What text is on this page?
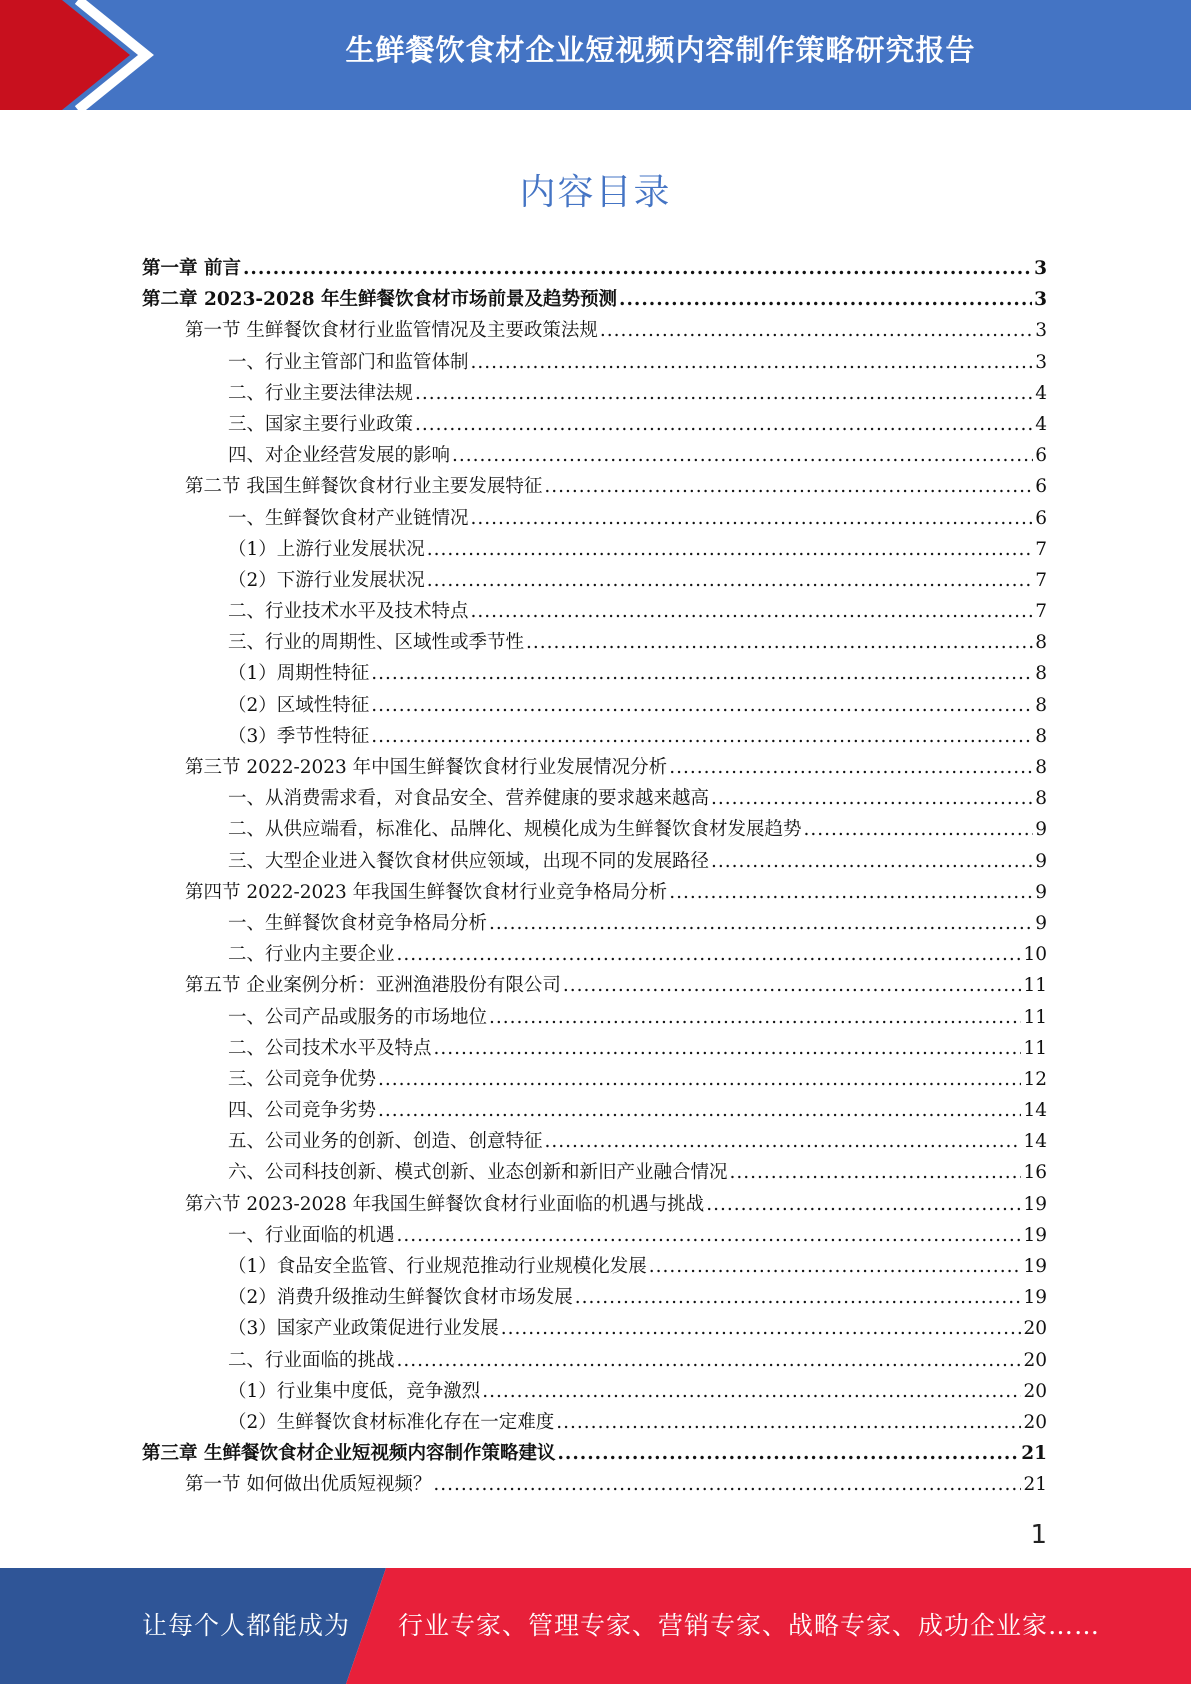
生鲜餐饮食材企业短视频内容制作策略研究报告
内容目录
第一章 前言 .....	3
第二章 2023-2028 年生鲜餐饮食材市场前景及趋势预测 .....	3
第一节 生鲜餐饮食材行业监管情况及主要政策法规 .....	3
一、行业主管部门和监管体制 .....	3
二、行业主要法律法规 .....	4
三、国家主要行业政策 .....	4
四、对企业经营发展的影响 .....	6
第二节 我国生鲜餐饮食材行业主要发展特征 .....	6
一、生鲜餐饮食材产业链情况 .....	6
（1）上游行业发展状况 .....	7
（2）下游行业发展状况 .....	7
二、行业技术水平及技术特点 .....	7
三、行业的周期性、区域性或季节性 .....	8
（1）周期性特征 .....	8
（2）区域性特征 .....	8
（3）季节性特征 .....	8
第三节 2022-2023 年中国生鲜餐饮食材行业发展情况分析 .....	8
一、从消费需求看，对食品安全、营养健康的要求越来越高 .....	8
二、从供应端看，标准化、品牌化、规模化成为生鲜餐饮食材发展趋势 .....	9
三、大型企业进入餐饮食材供应领域，出现不同的发展路径 .....	9
第四节 2022-2023 年我国生鲜餐饮食材行业竞争格局分析 .....	9
一、生鲜餐饮食材竞争格局分析 .....	9
二、行业内主要企业 .....	10
第五节 企业案例分析：亚洲渔港股份有限公司 .....	11
一、公司产品或服务的市场地位 .....	11
二、公司技术水平及特点 .....	11
三、公司竞争优势 .....	12
四、公司竞争劣势 .....	14
五、公司业务的创新、创造、创意特征 .....	14
六、公司科技创新、模式创新、业态创新和新旧产业融合情况 .....	16
第六节 2023-2028 年我国生鲜餐饮食材行业面临的机遇与挑战 .....	19
一、行业面临的机遇 .....	19
（1）食品安全监管、行业规范推动行业规模化发展 .....	19
（2）消费升级推动生鲜餐饮食材市场发展 .....	19
（3）国家产业政策促进行业发展 .....	20
二、行业面临的挑战 .....	20
（1）行业集中度低，竞争激烈 .....	20
（2）生鲜餐饮食材标准化存在一定难度 .....	20
第三章 生鲜餐饮食材企业短视频内容制作策略建议 .....	21
第一节 如何做出优质短视频？ .....	21
1
让每个人都能成为 行业专家、管理专家、营销专家、战略专家、成功企业家……
